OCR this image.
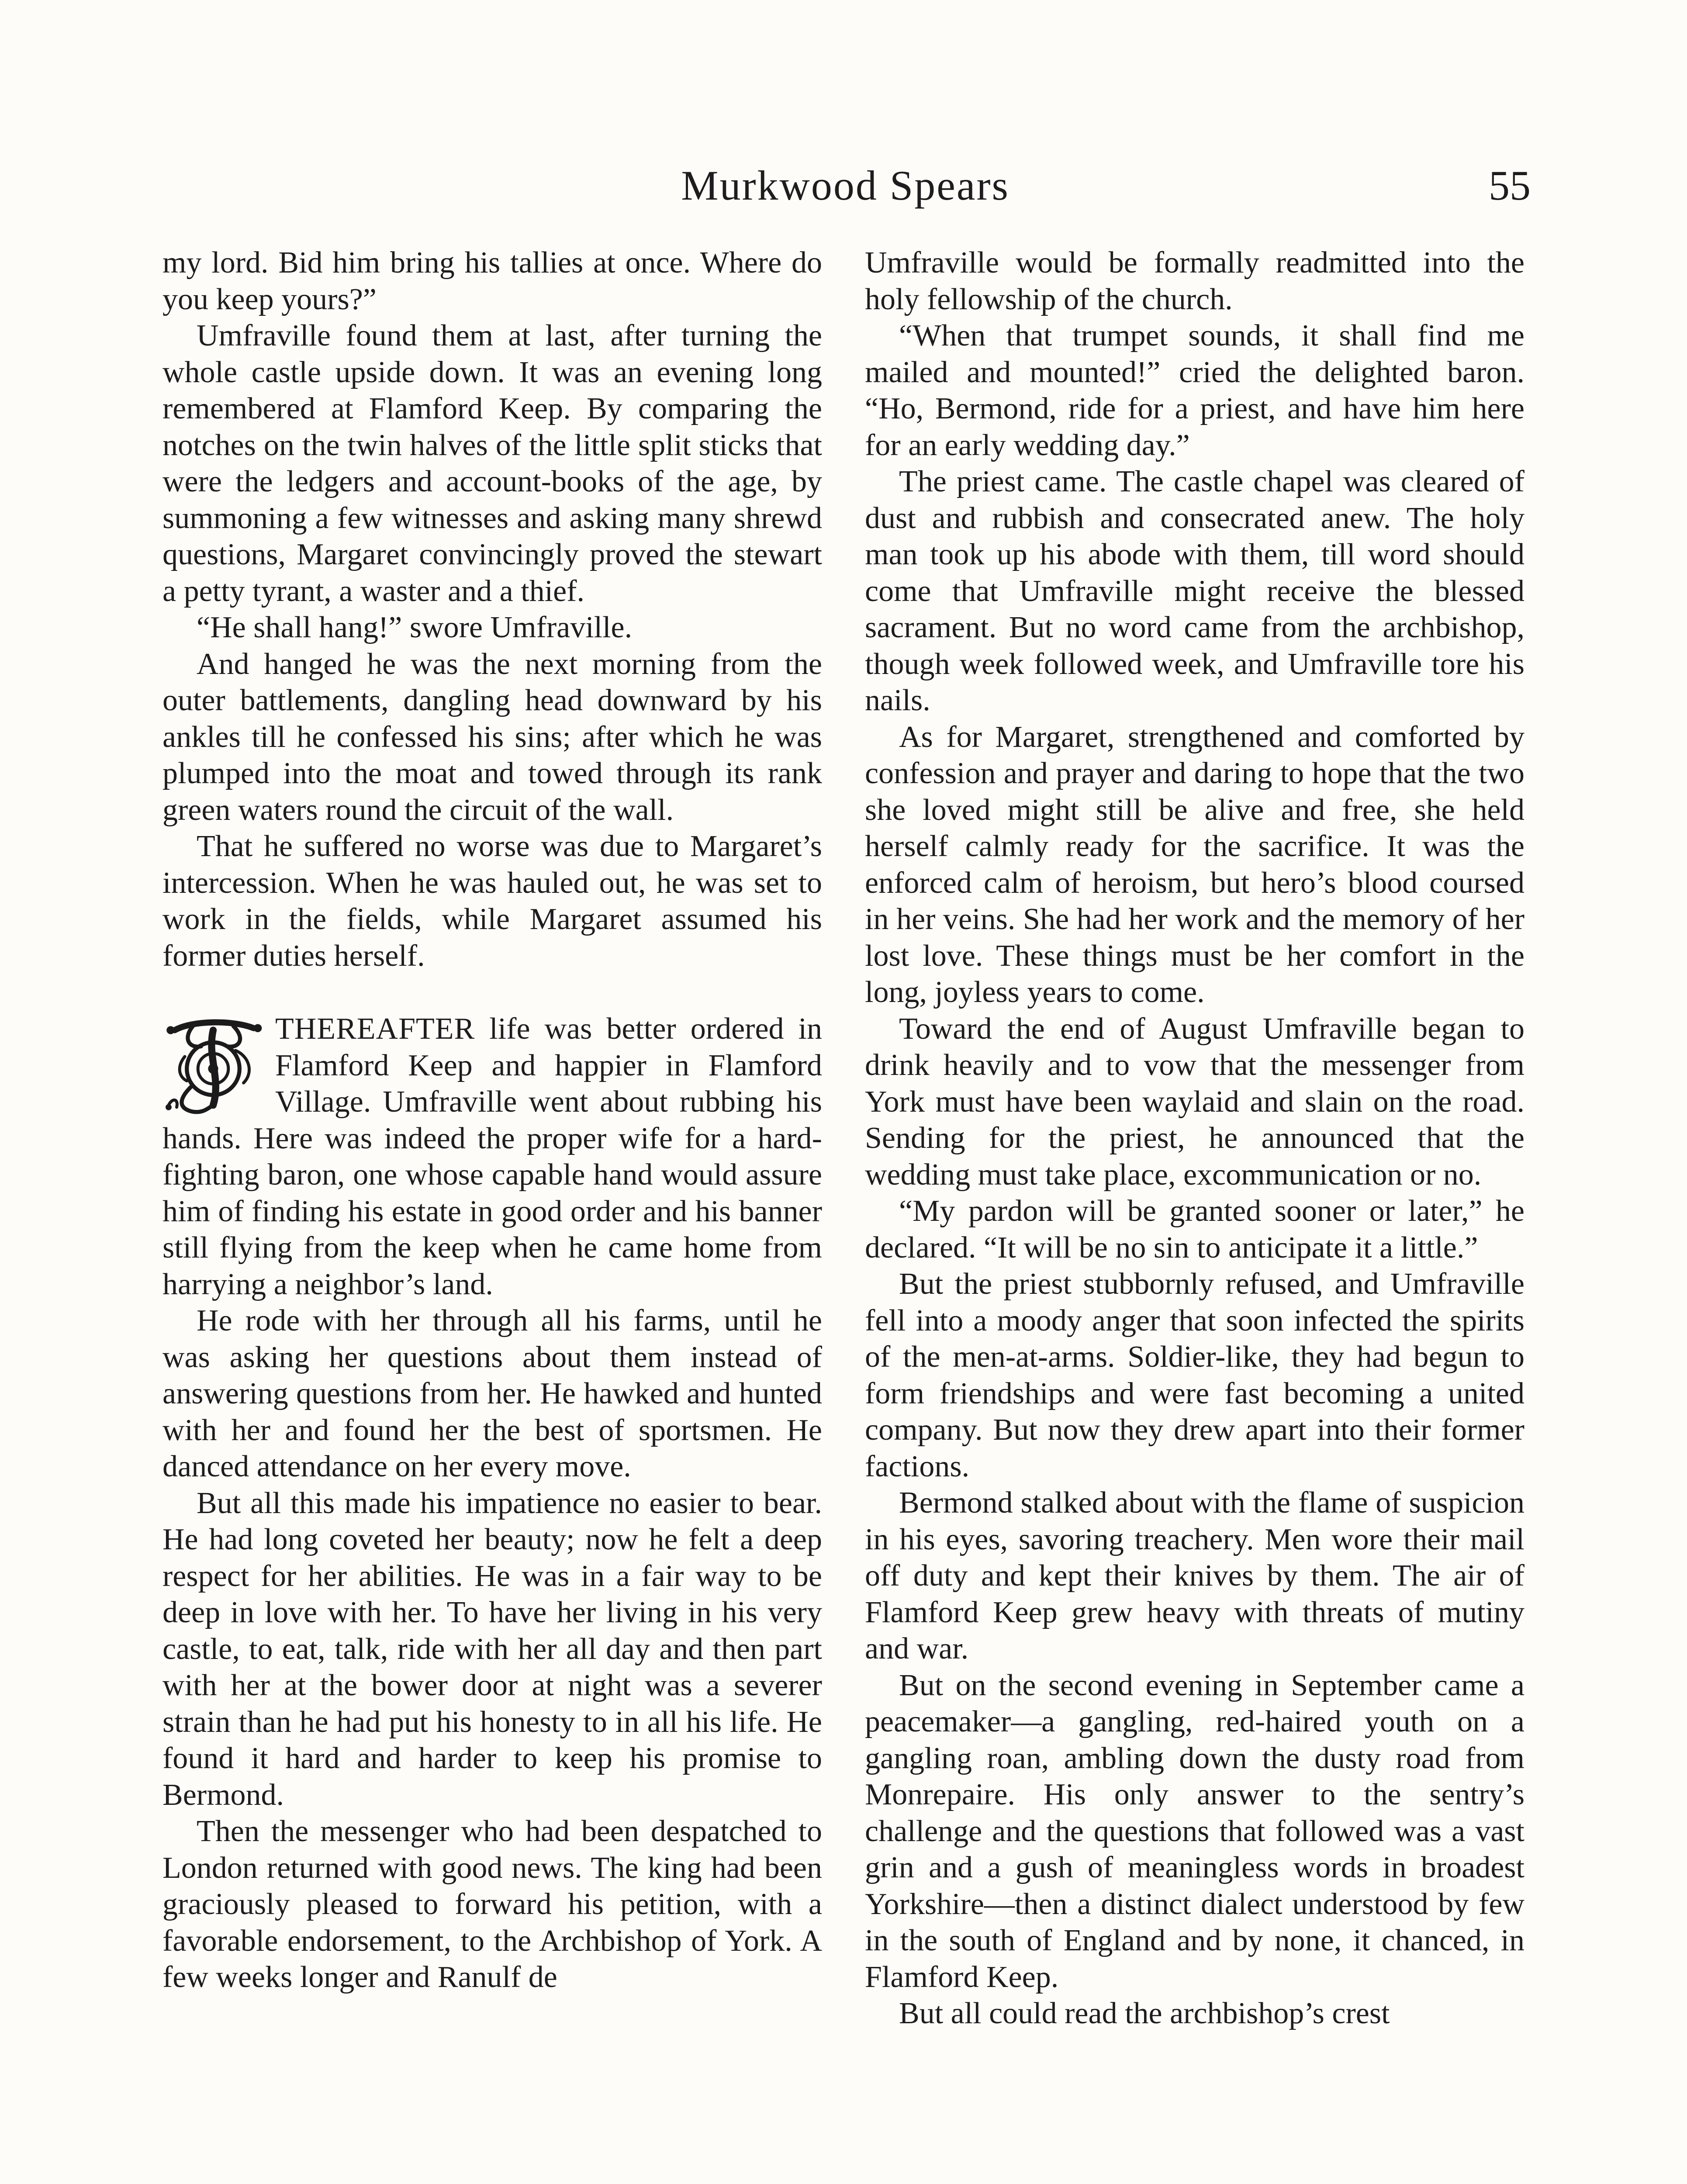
Murkwood Spears	55

my lord. Bid him bring his tallies at once. Where do you keep yours?”

Umfraville found them at last, after turning the whole castle upside down. It was an evening long remembered at Flamford Keep. By comparing the notches on the twin halves of the little split sticks that were the ledgers and account-books of the age, by summoning a few witnesses and asking many shrewd questions, Margaret convincingly proved the stewart a petty tyrant, a waster and a thief.

“He shall hang!” swore Umfraville.

And hanged he was the next morning from the outer battlements, dangling head downward by his ankles till he confessed his sins; after which he was plumped into the moat and towed through its rank green waters round the circuit of the wall.

That he suffered no worse was due to Margaret’s intercession. When he was hauled out, he was set to work in the fields, while Margaret assumed his former duties herself.

THEREAFTER life was better ordered in Flamford Keep and happier in Flamford Village. Umfraville went about rubbing his hands. Here was indeed the proper wife for a hard-fighting baron, one whose capable hand would assure him of finding his estate in good order and his banner still flying from the keep when he came home from harrying a neighbor’s land.

He rode with her through all his farms, until he was asking her questions about them instead of answering questions from her. He hawked and hunted with her and found her the best of sportsmen. He danced attendance on her every move.

But all this made his impatience no easier to bear. He had long coveted her beauty; now he felt a deep respect for her abilities. He was in a fair way to be deep in love with her. To have her living in his very castle, to eat, talk, ride with her all day and then part with her at the bower door at night was a severer strain than he had put his honesty to in all his life. He found it hard and harder to keep his promise to Bermond.

Then the messenger who had been despatched to London returned with good news. The king had been graciously pleased to forward his petition, with a favorable endorsement, to the Archbishop of York. A few weeks longer and Ranulf de

Umfraville would be formally readmitted into the holy fellowship of the church.

“When that trumpet sounds, it shall find me mailed and mounted!” cried the delighted baron. “Ho, Bermond, ride for a priest, and have him here for an early wedding day.”

The priest came. The castle chapel was cleared of dust and rubbish and consecrated anew. The holy man took up his abode with them, till word should come that Umfraville might receive the blessed sacrament. But no word came from the archbishop, though week followed week, and Umfraville tore his nails.

As for Margaret, strengthened and comforted by confession and prayer and daring to hope that the two she loved might still be alive and free, she held herself calmly ready for the sacrifice. It was the enforced calm of heroism, but hero’s blood coursed in her veins. She had her work and the memory of her lost love. These things must be her comfort in the long, joyless years to come.

Toward the end of August Umfraville began to drink heavily and to vow that the messenger from York must have been waylaid and slain on the road. Sending for the priest, he announced that the wedding must take place, excommunication or no.

“My pardon will be granted sooner or later,” he declared. “It will be no sin to anticipate it a little.”

But the priest stubbornly refused, and Umfraville fell into a moody anger that soon infected the spirits of the men-at-arms. Soldier-like, they had begun to form friendships and were fast becoming a united company. But now they drew apart into their former factions.

Bermond stalked about with the flame of suspicion in his eyes, savoring treachery. Men wore their mail off duty and kept their knives by them. The air of Flamford Keep grew heavy with threats of mutiny and war.

But on the second evening in September came a peacemaker—a gangling, red-haired youth on a gangling roan, ambling down the dusty road from Monrepaire. His only answer to the sentry’s challenge and the questions that followed was a vast grin and a gush of meaningless words in broadest Yorkshire—then a distinct dialect understood by few in the south of England and by none, it chanced, in Flamford Keep.

But all could read the archbishop’s crest
